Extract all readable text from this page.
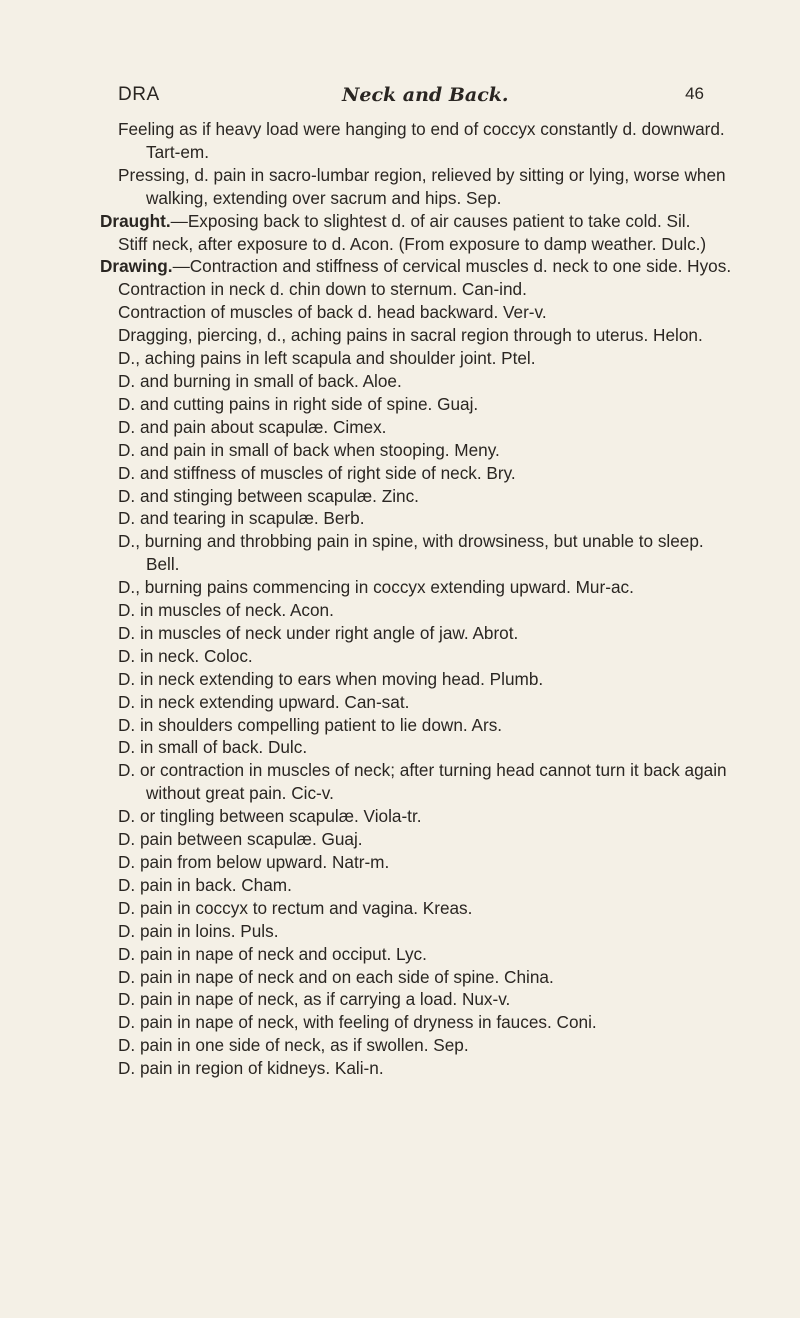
DRA	Neck and Back.	46

Feeling as if heavy load were hanging to end of coccyx constantly d. downward. Tart-em.

Pressing, d. pain in sacro-lumbar region, relieved by sitting or lying, worse when walking, extending over sacrum and hips. Sep.

Draught.—Exposing back to slightest d. of air causes patient to take cold. Sil.

Stiff neck, after exposure to d. Acon. (From exposure to damp weather. Dulc.)

Drawing.—Contraction and stiffness of cervical muscles d. neck to one side. Hyos.

Contraction in neck d. chin down to sternum. Can-ind.

Contraction of muscles of back d. head backward. Ver-v.

Dragging, piercing, d., aching pains in sacral region through to uterus. Helon.

D., aching pains in left scapula and shoulder joint. Ptel.

D. and burning in small of back. Aloe.

D. and cutting pains in right side of spine. Guaj.

D. and pain about scapulæ. Cimex.

D. and pain in small of back when stooping. Meny.

D. and stiffness of muscles of right side of neck. Bry.

D. and stinging between scapulæ. Zinc.

D. and tearing in scapulæ. Berb.

D., burning and throbbing pain in spine, with drowsiness, but unable to sleep. Bell.

D., burning pains commencing in coccyx extending upward. Mur-ac.

D. in muscles of neck. Acon.

D. in muscles of neck under right angle of jaw. Abrot.

D. in neck. Coloc.

D. in neck extending to ears when moving head. Plumb.

D. in neck extending upward. Can-sat.

D. in shoulders compelling patient to lie down. Ars.

D. in small of back. Dulc.

D. or contraction in muscles of neck; after turning head cannot turn it back again without great pain. Cic-v.

D. or tingling between scapulæ. Viola-tr.

D. pain between scapulæ. Guaj.

D. pain from below upward. Natr-m.

D. pain in back. Cham.

D. pain in coccyx to rectum and vagina. Kreas.

D. pain in loins. Puls.

D. pain in nape of neck and occiput. Lyc.

D. pain in nape of neck and on each side of spine. China.

D. pain in nape of neck, as if carrying a load. Nux-v.

D. pain in nape of neck, with feeling of dryness in fauces. Coni.

D. pain in one side of neck, as if swollen. Sep.

D. pain in region of kidneys. Kali-n.
